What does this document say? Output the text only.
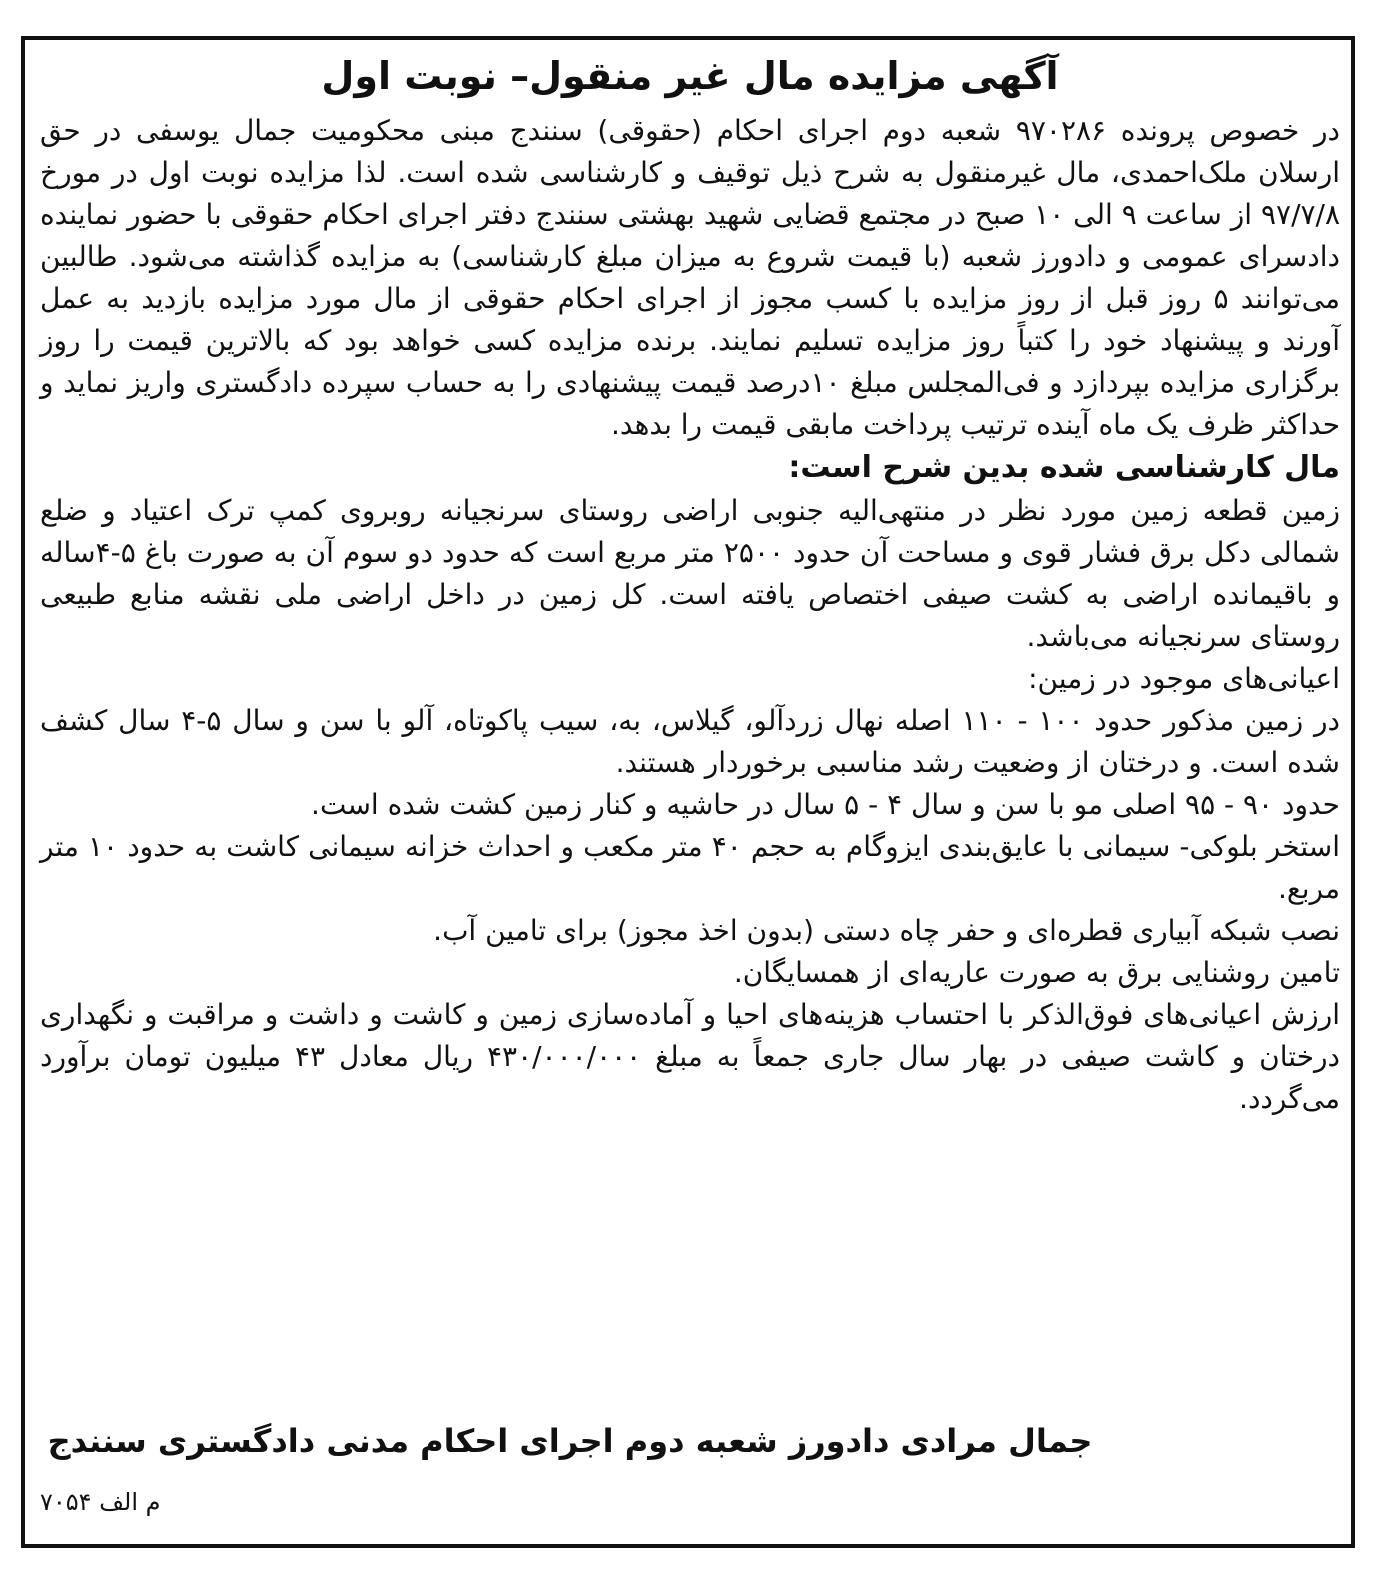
آگهی مزایده مال غیر منقول– نوبت اول

در خصوص پرونده ۹۷۰۲۸۶ شعبه دوم اجرای احکام (حقوقی) سنندج مبنی محکومیت جمال یوسفی در حق ارسلان ملک‌احمدی، مال غیرمنقول به شرح ذیل توقیف و کارشناسی شده است. لذا مزایده نوبت اول در مورخ ۹۷/۷/۸ از ساعت ۹ الی ۱۰ صبح در مجتمع قضایی شهید بهشتی سنندج دفتر اجرای احکام حقوقی با حضور نماینده دادسرای عمومی و دادورز شعبه (با قیمت شروع به میزان مبلغ کارشناسی) به مزایده گذاشته می‌شود. طالبین می‌توانند ۵ روز قبل از روز مزایده با کسب مجوز از اجرای احکام حقوقی از مال مورد مزایده بازدید به عمل آورند و پیشنهاد خود را کتباً روز مزایده تسلیم نمایند. برنده مزایده کسی خواهد بود که بالاترین قیمت را روز برگزاری مزایده بپردازد و فی‌المجلس مبلغ ۱۰درصد قیمت پیشنهادی را به حساب سپرده دادگستری واریز نماید و حداکثر ظرف یک ماه آینده ترتیب پرداخت مابقی قیمت را بدهد.

مال کارشناسی شده بدین شرح است:

زمین قطعه زمین مورد نظر در منتهی‌الیه جنوبی اراضی روستای سرنجیانه روبروی کمپ ترک اعتیاد و ضلع شمالی دکل برق فشار قوی و مساحت آن حدود ۲۵۰۰ متر مربع است که حدود دو سوم آن به صورت باغ ۵-۴ساله و باقیمانده اراضی به کشت صیفی اختصاص یافته است. کل زمین در داخل اراضی ملی نقشه منابع طبیعی روستای سرنجیانه می‌باشد.

اعیانی‌های موجود در زمین:

در زمین مذکور حدود ۱۰۰ - ۱۱۰ اصله نهال زردآلو، گیلاس، به، سیب پاکوتاه، آلو با سن و سال ۵-۴ سال کشف شده است. و درختان از وضعیت رشد مناسبی برخوردار هستند.

حدود ۹۰ - ۹۵ اصلی مو با سن و سال ۴ - ۵ سال در حاشیه و کنار زمین کشت شده است.

استخر بلوکی- سیمانی با عایق‌بندی ایزوگام به حجم ۴۰ متر مکعب و احداث خزانه سیمانی کاشت به حدود ۱۰ متر مربع.

نصب شبکه آبیاری قطره‌ای و حفر چاه دستی (بدون اخذ مجوز) برای تامین آب.

تامین روشنایی برق به صورت عاریه‌ای از همسایگان.

ارزش اعیانی‌های فوق‌الذکر با احتساب هزینه‌های احیا و آماده‌سازی زمین و کاشت و داشت و مراقبت و نگهداری درختان و کاشت صیفی در بهار سال جاری جمعاً به مبلغ ۴۳۰/۰۰۰/۰۰۰ ریال معادل ۴۳ میلیون تومان برآورد می‌گردد.

جمال مرادی دادورز شعبه دوم اجرای احکام مدنی دادگستری سنندج

م الف ۷۰۵۴
